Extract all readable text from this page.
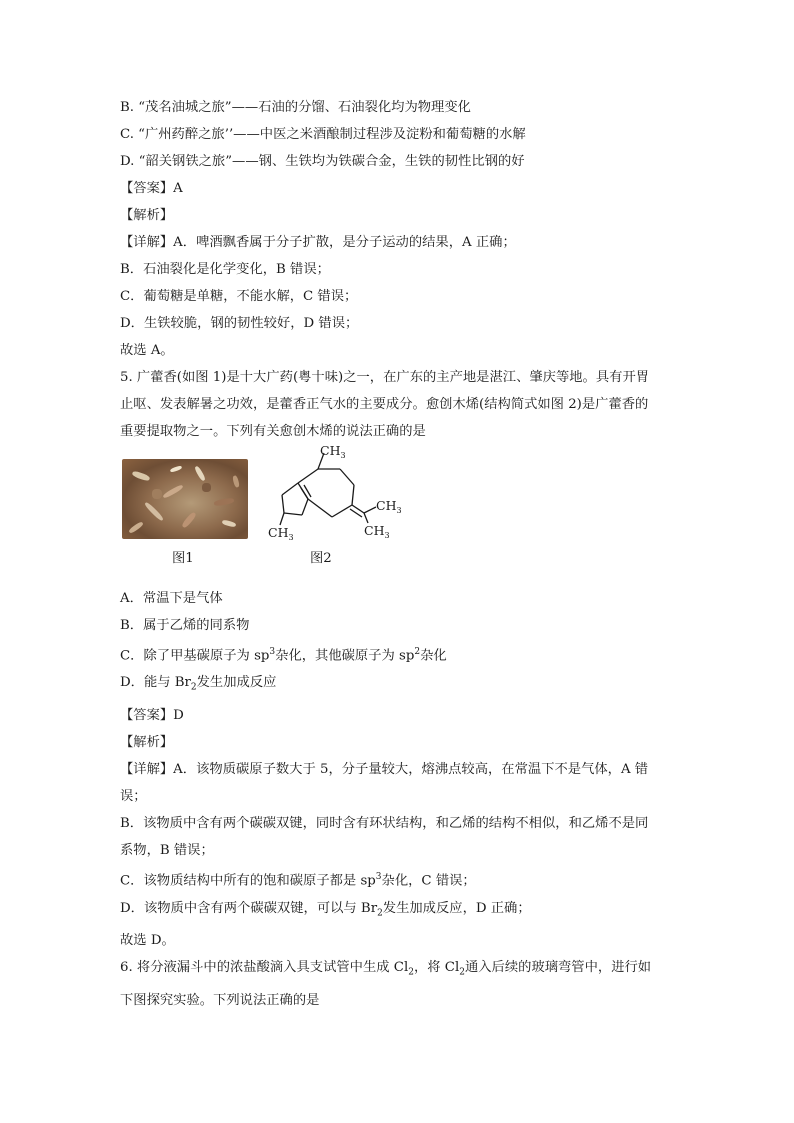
B. “茂名油城之旅”——石油的分馏、石油裂化均为物理变化
C. “广州药醉之旅’’——中医之米酒酿制过程涉及淀粉和葡萄糖的水解
D. “韶关钢铁之旅”——钢、生铁均为铁碳合金，生铁的韧性比钢的好
【答案】A
【解析】
【详解】A．啤酒飘香属于分子扩散，是分子运动的结果，A 正确；
B．石油裂化是化学变化，B 错误；
C．葡萄糖是单糖，不能水解，C 错误；
D．生铁较脆，钢的韧性较好，D 错误；
故选 A。
5. 广藿香(如图 1)是十大广药(粤十味)之一，在广东的主产地是湛江、肇庆等地。具有开胃
止呕、发表解暑之功效，是藿香正气水的主要成分。愈创木烯(结构简式如图 2)是广藿香的
重要提取物之一。下列有关愈创木烯的说法正确的是
$CH_3$
$CH_3$
$CH_3$
$CH_3$
图1	图2
A．常温下是气体
B．属于乙烯的同系物
C．除了甲基碳原子为 $sp^3$杂化，其他碳原子为 $sp^2$杂化
D．能与 $Br_2$发生加成反应
【答案】D
【解析】
【详解】A．该物质碳原子数大于 5，分子量较大，熔沸点较高，在常温下不是气体，A 错
误；
B．该物质中含有两个碳碳双键，同时含有环状结构，和乙烯的结构不相似，和乙烯不是同
系物，B 错误；
C．该物质结构中所有的饱和碳原子都是 $sp^3$杂化，C 错误；
D．该物质中含有两个碳碳双键，可以与 $Br_2$发生加成反应，D 正确；
故选 D。
6. 将分液漏斗中的浓盐酸滴入具支试管中生成 $Cl_2$，将 $Cl_2$通入后续的玻璃弯管中，进行如
下图探究实验。下列说法正确的是
